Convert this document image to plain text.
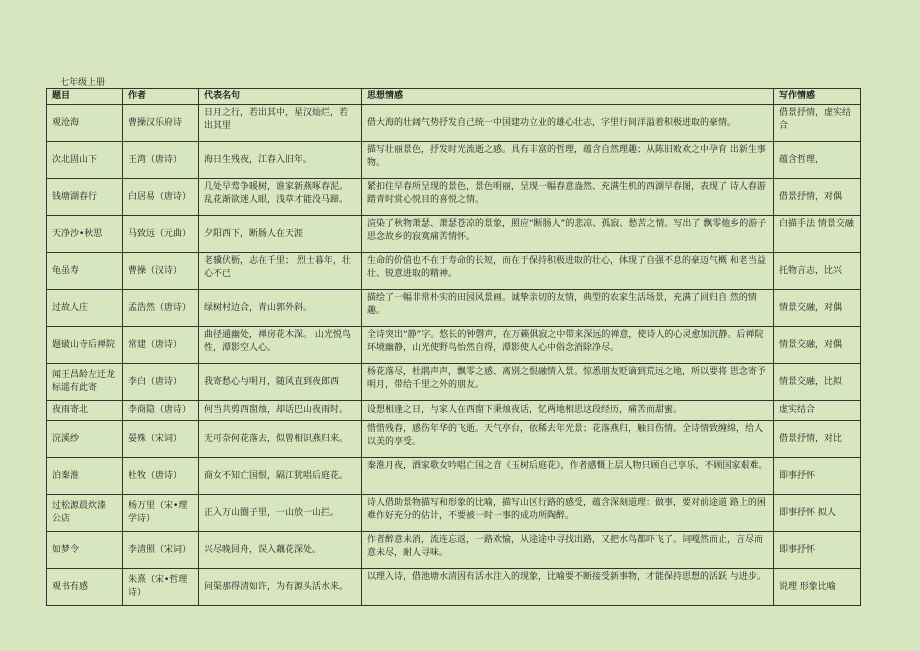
七年级上册
题目	作者	代表名句	思想情感	写作情感
观沧海	曹操汉乐府诗	日月之行，若出其中，星汉灿烂，若出其里	借大海的壮阔气势抒发自己统一中国建功立业的雄心壮志，字里行间洋溢着积极进取的豪情。	借景抒情，虚实结合
次北固山下	王湾（唐诗）	海日生残夜，江春入旧年。	描写壮丽景色，抒发时光流逝之感。具有丰富的哲理，蕴含自然理趣；从陈旧败欢之中孕育 出新生事物。	蕴含哲理，
钱塘湖春行	白居易（唐诗）	几处早莺争暖树，谁家新燕啄春泥。乱花渐欲迷人眼，浅草才能没马蹄。	紧扣住早春所呈现的景色，景色明丽，呈现一幅春意盎然、充满生机的西湖早春图，表现了 诗人春游踏青时赏心悦目的喜悦之情。	借景抒情，对偶
天净沙•秋思	马致远（元曲）	夕阳西下，断肠人在天涯	渲染了秋物萧瑟、萧瑟苍凉的景象，照应“断肠人”的悲凉、孤寂、愁苦之情。写出了 飘零他乡的游子思念故乡的寂寞痛苦情怀。	白描手法 情景交融
龟虽寿	曹操（汉诗）	老骥伏枥，志在千里； 烈士暮年，壮心不已	生命的价值也不在于寿命的长短，而在于保持积极进取的壮心，体现了自强不息的豪迈气概 和老当益壮、锐意进取的精神。	托物言志，比兴
过故人庄	孟浩然（唐诗）	绿树村边合，青山郭外斜。	描绘了一幅非常朴实的田园风景画。诚挚亲切的友情，典型的农家生活场景，充满了回归自 然的情趣。	情景交融，对偶
题破山寺后禅院	常建（唐诗）	曲径通幽处，禅房花木深。 山光悦鸟性，潭影空人心。	全诗突出“静”字。悠长的钟磬声，在万籁俱寂之中带来深远的禅意，使诗人的心灵愈加沉静。后禅院环境幽静，山光使野鸟怡然自得，潭影使人心中俗念消除净尽。	情景交融，对偶
闻王昌龄左迁龙标遥有此寄	李白（唐诗）	我寄愁心与明月，随风直到夜郎西	杨花落尽，杜鹃声声，飘零之感、离别之恨融情入景。惊悉朋友贬谪到荒远之地，所以要将 思念寄予明月，带给千里之外的朋友。	情景交融，比拟
夜雨寄北	李商隐（唐诗）	何当共剪西窗烛，却话巴山夜雨时。	设想相逢之日，与家人在西窗下秉烛夜话，忆两地相思这段经历，痛苦而甜蜜。	虚实结合
浣溪纱	晏殊（宋词）	无可奈何花落去，似曾相识燕归来。	惜惜残春，感伤年华的飞逝。天气亭台，依稀去年光景；花落燕归，触目伤情。全诗情致缠绵，给人以美的享受。	借景抒情，对比
泊秦淮	杜牧（唐诗）	商女不知亡国恨，隔江犹唱后庭花。	秦淮月夜，酒家歌女吟唱亡国之音《玉树后庭花》，作者感慨上层人物只顾自己享乐，不顾国家艰难。	即事抒怀
过松源晨炊漆 公店	杨万里（宋•理学诗）	正入万山圈子里，一山放一山拦。	诗人借助景物描写和形象的比喻，描写山区行路的感受，蕴含深刻道理：做事，要对前途道 路上的困难作好充分的估计，不要被一时一事的成功所陶醉。	即事抒怀 拟人
如梦令	李清照（宋词）	兴尽晚回舟，误入藕花深处。	作者醉意未消，流连忘返，一路欢愉，从途途中寻找出路，又把水鸟都吓飞了。词嘎然而止，言尽而意未尽，耐人寻味。	即事抒怀
观书有感	朱熹（宋•哲理诗）	问渠那得清如许，为有源头活水来。	以理入诗，借池塘水清因有活水注入的现象，比喻要不断接受新事物，才能保持思想的活跃 与进步。	说理 形象比喻
